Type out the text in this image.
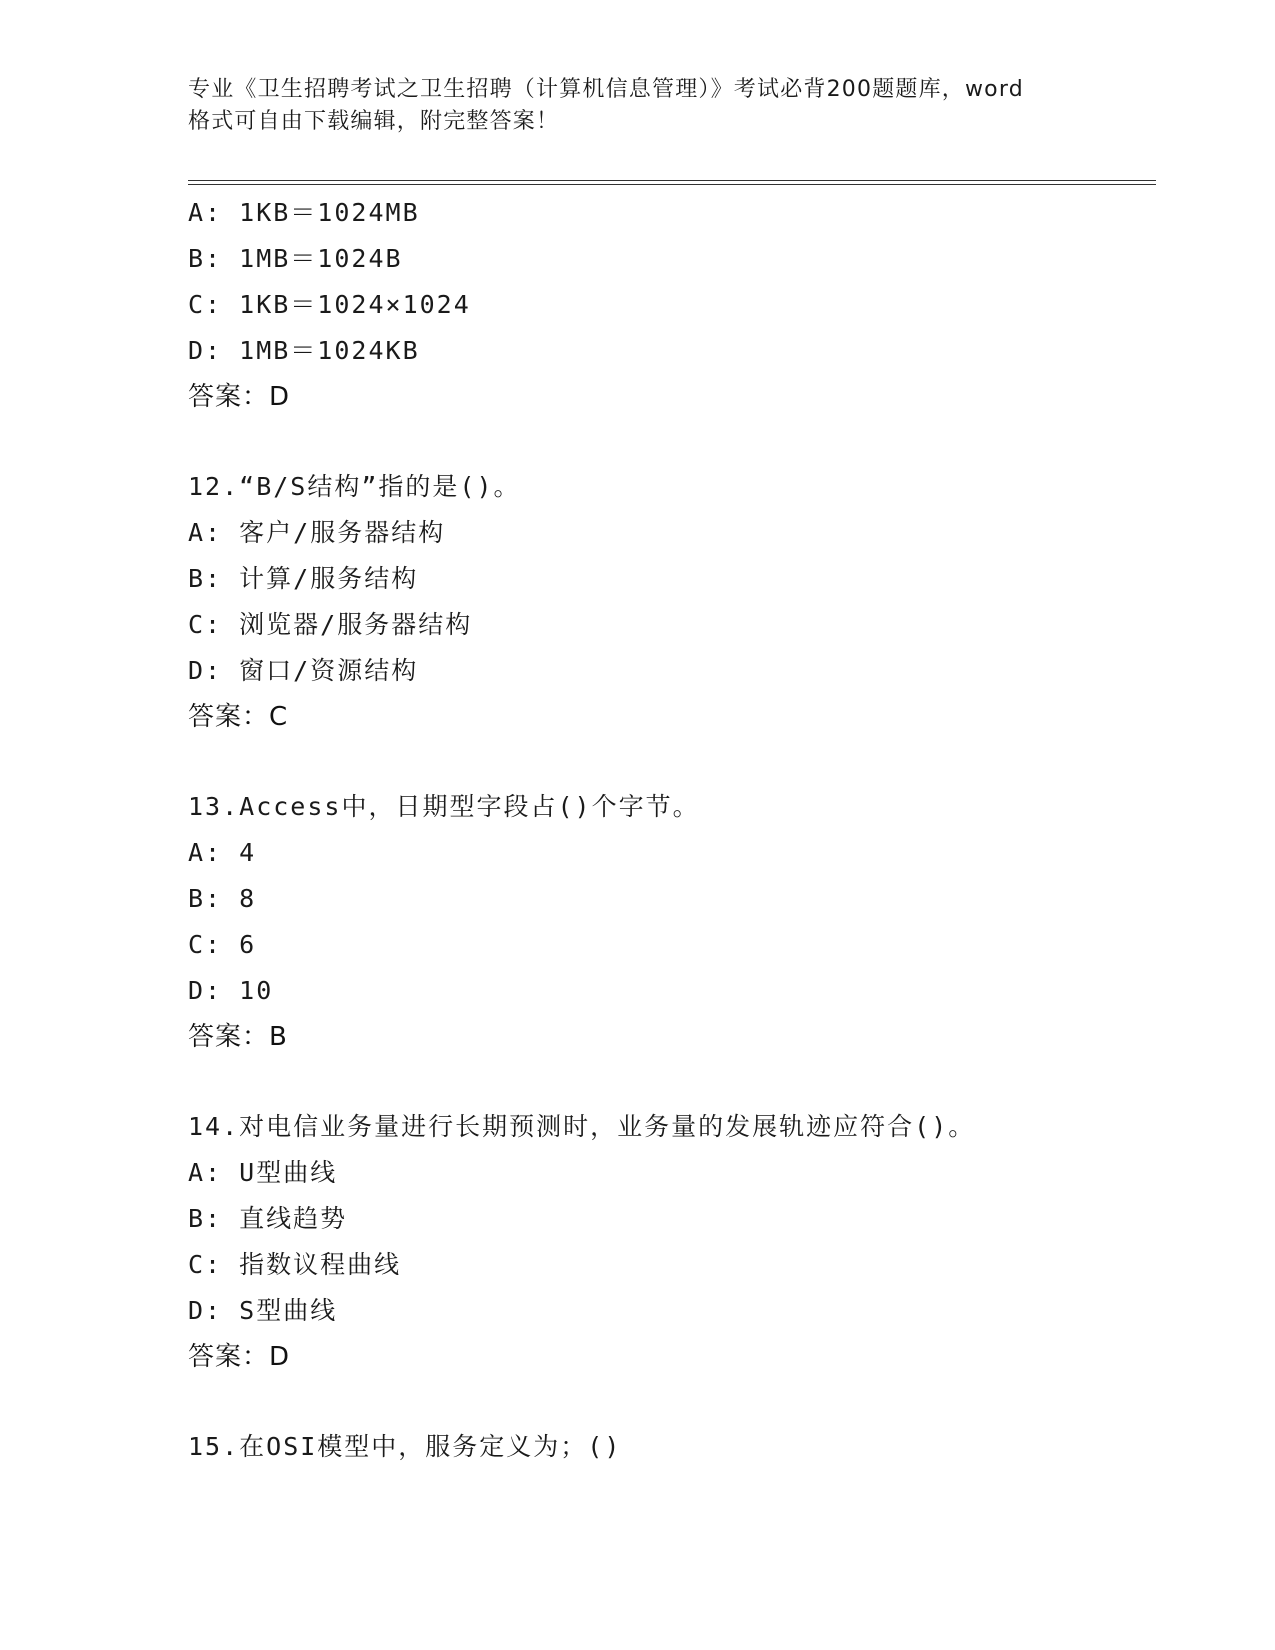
专业《卫生招聘考试之卫生招聘（计算机信息管理）》考试必背200题题库，word
格式可自由下载编辑，附完整答案！
A: 1KB＝1024MB
B: 1MB＝1024B
C: 1KB＝1024×1024
D: 1MB＝1024KB
答案：D
12.“B/S结构”指的是()。
A: 客户/服务器结构
B: 计算/服务结构
C: 浏览器/服务器结构
D: 窗口/资源结构
答案：C
13.Access中，日期型字段占()个字节。
A: 4
B: 8
C: 6
D: 10
答案：B
14.对电信业务量进行长期预测时，业务量的发展轨迹应符合()。
A: U型曲线
B: 直线趋势
C: 指数议程曲线
D: S型曲线
答案：D
15.在OSI模型中，服务定义为；()
